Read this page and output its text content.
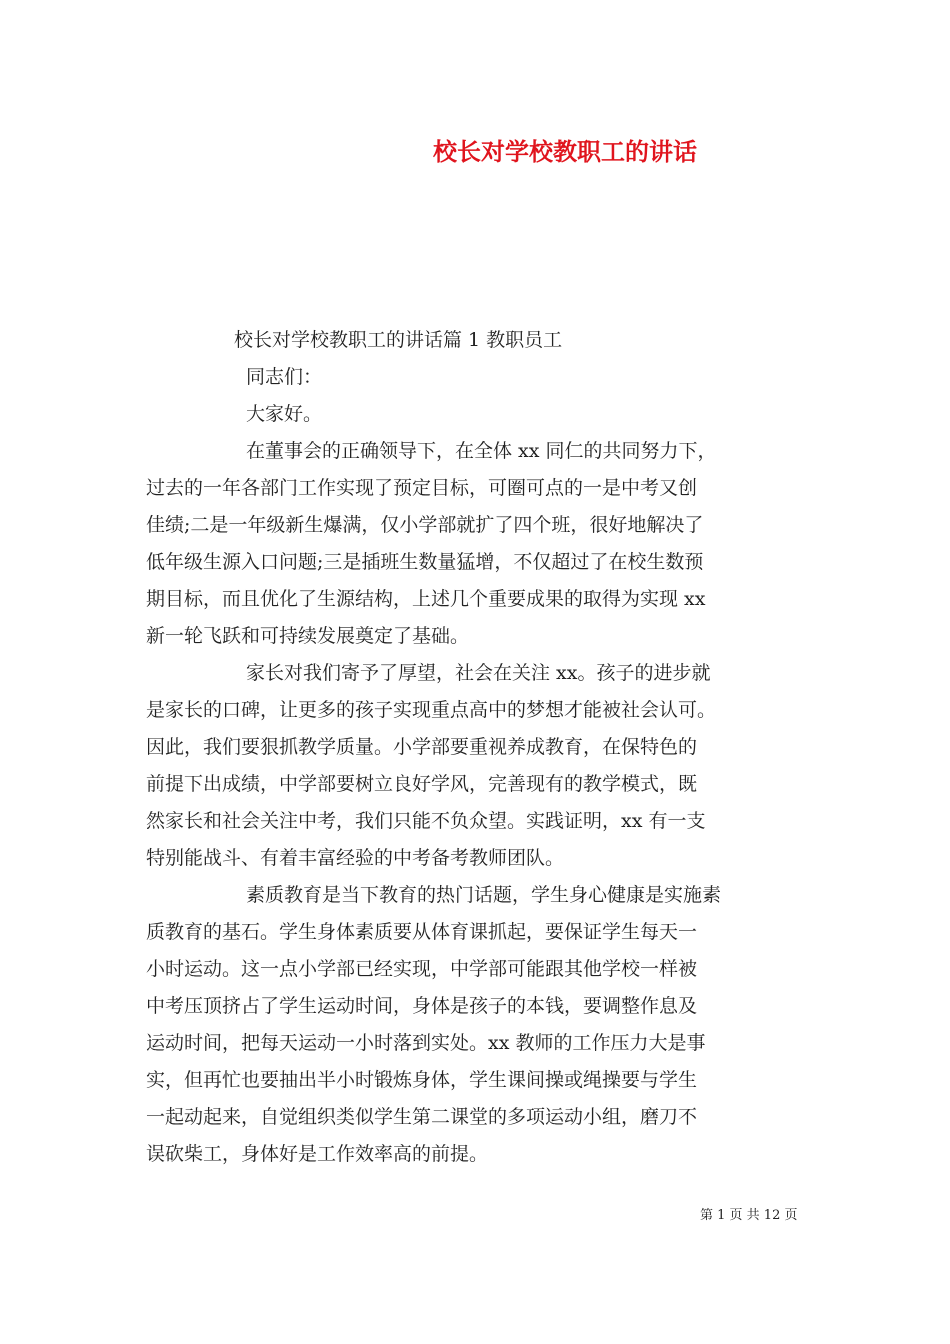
校长对学校教职工的讲话
校长对学校教职工的讲话篇 1 教职员工
同志们：
大家好。
在董事会的正确领导下，在全体 xx 同仁的共同努力下，
过去的一年各部门工作实现了预定目标，可圈可点的一是中考又创
佳绩;二是一年级新生爆满，仅小学部就扩了四个班，很好地解决了
低年级生源入口问题;三是插班生数量猛增，不仅超过了在校生数预
期目标，而且优化了生源结构，上述几个重要成果的取得为实现 xx
新一轮飞跃和可持续发展奠定了基础。
家长对我们寄予了厚望，社会在关注 xx。孩子的进步就
是家长的口碑，让更多的孩子实现重点高中的梦想才能被社会认可。
因此，我们要狠抓教学质量。小学部要重视养成教育，在保特色的
前提下出成绩，中学部要树立良好学风，完善现有的教学模式，既
然家长和社会关注中考，我们只能不负众望。实践证明，xx 有一支
特别能战斗、有着丰富经验的中考备考教师团队。
素质教育是当下教育的热门话题，学生身心健康是实施素
质教育的基石。学生身体素质要从体育课抓起，要保证学生每天一
小时运动。这一点小学部已经实现，中学部可能跟其他学校一样被
中考压顶挤占了学生运动时间，身体是孩子的本钱，要调整作息及
运动时间，把每天运动一小时落到实处。xx 教师的工作压力大是事
实，但再忙也要抽出半小时锻炼身体，学生课间操或绳操要与学生
一起动起来，自觉组织类似学生第二课堂的多项运动小组，磨刀不
误砍柴工，身体好是工作效率高的前提。
第 1 页 共 12 页
